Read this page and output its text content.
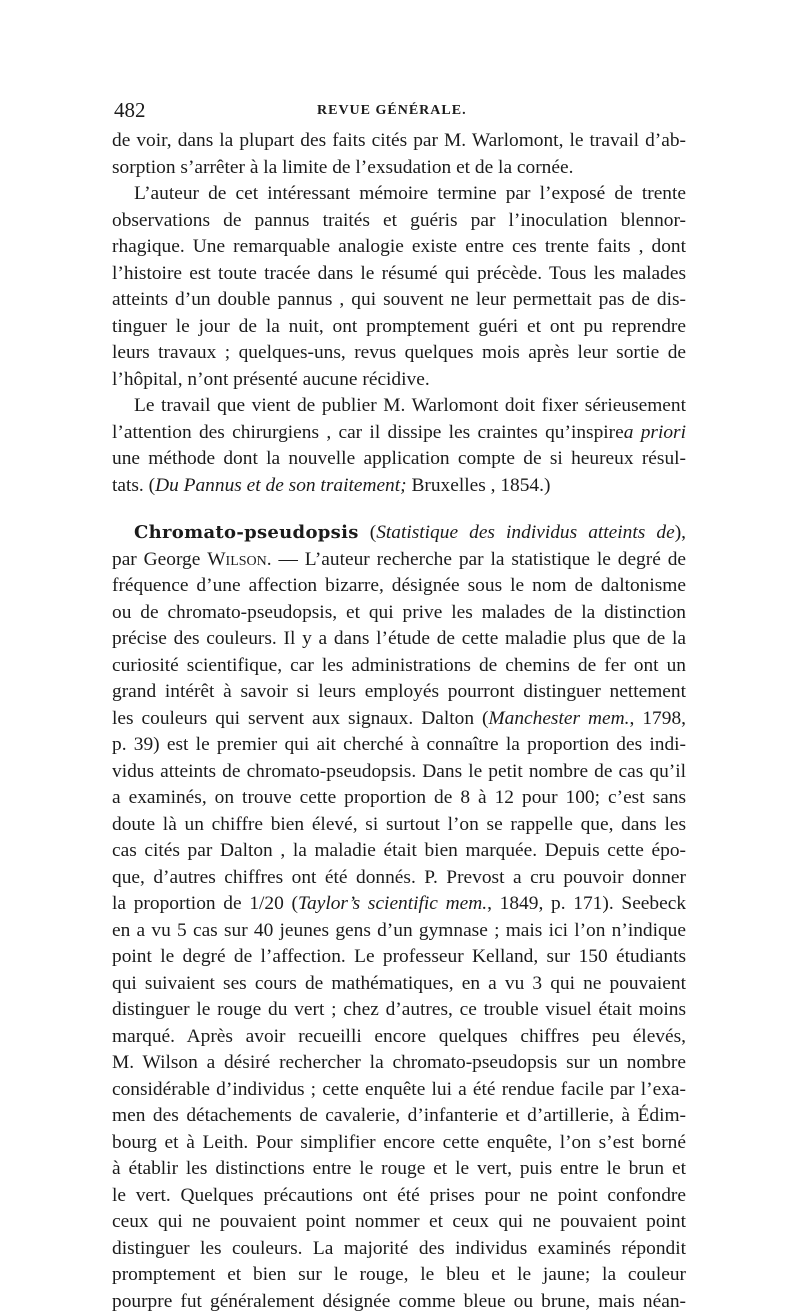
482	REVUE GÉNÉRALE.
de voir, dans la plupart des faits cités par M. Warlomont, le travail d’ab-
sorption s’arrêter à la limite de l’exsudation et de la cornée.
L’auteur de cet intéressant mémoire termine par l’exposé de trente
observations de pannus traités et guéris par l’inoculation blennor-
rhagique. Une remarquable analogie existe entre ces trente faits , dont
l’histoire est toute tracée dans le résumé qui précède. Tous les malades
atteints d’un double pannus , qui souvent ne leur permettait pas de dis-
tinguer le jour de la nuit, ont promptement guéri et ont pu reprendre
leurs travaux ; quelques-uns, revus quelques mois après leur sortie de
l’hôpital, n’ont présenté aucune récidive.
Le travail que vient de publier M. Warlomont doit fixer sérieusement
l’attention des chirurgiens , car il dissipe les craintes qu’inspirea priori
une méthode dont la nouvelle application compte de si heureux résul-
tats. (Du Pannus et de son traitement; Bruxelles , 1854.)
Chromato-pseudopsis (Statistique des individus atteints de),
par George Wilson. — L’auteur recherche par la statistique le degré de
fréquence d’une affection bizarre, désignée sous le nom de daltonisme
ou de chromato-pseudopsis, et qui prive les malades de la distinction
précise des couleurs. Il y a dans l’étude de cette maladie plus que de la
curiosité scientifique, car les administrations de chemins de fer ont un
grand intérêt à savoir si leurs employés pourront distinguer nettement
les couleurs qui servent aux signaux. Dalton (Manchester mem., 1798,
p. 39) est le premier qui ait cherché à connaître la proportion des indi-
vidus atteints de chromato-pseudopsis. Dans le petit nombre de cas qu’il
a examinés, on trouve cette proportion de 8 à 12 pour 100; c’est sans
doute là un chiffre bien élevé, si surtout l’on se rappelle que, dans les
cas cités par Dalton , la maladie était bien marquée. Depuis cette épo-
que, d’autres chiffres ont été donnés. P. Prevost a cru pouvoir donner
la proportion de 1/20 (Taylor’s scientific mem., 1849, p. 171). Seebeck
en a vu 5 cas sur 40 jeunes gens d’un gymnase ; mais ici l’on n’indique
point le degré de l’affection. Le professeur Kelland, sur 150 étudiants
qui suivaient ses cours de mathématiques, en a vu 3 qui ne pouvaient
distinguer le rouge du vert ; chez d’autres, ce trouble visuel était moins
marqué. Après avoir recueilli encore quelques chiffres peu élevés,
M. Wilson a désiré rechercher la chromato-pseudopsis sur un nombre
considérable d’individus ; cette enquête lui a été rendue facile par l’exa-
men des détachements de cavalerie, d’infanterie et d’artillerie, à Édim-
bourg et à Leith. Pour simplifier encore cette enquête, l’on s’est borné
à établir les distinctions entre le rouge et le vert, puis entre le brun et
le vert. Quelques précautions ont été prises pour ne point confondre
ceux qui ne pouvaient point nommer et ceux qui ne pouvaient point
distinguer les couleurs. La majorité des individus examinés répondit
promptement et bien sur le rouge, le bleu et le jaune; la couleur
pourpre fut généralement désignée comme bleue ou brune, mais néan-
